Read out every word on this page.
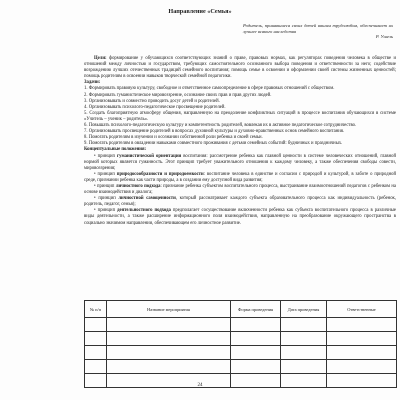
Направление «Семья»
Родитель, принявшиеся своих детей вашим трудолюбом, обеспечивает их лучшее всякого наследства
Р. Ушель

Цели: формирование у обучающихся соответствующих знаний о праве, правовых нормах, как регуляторах поведения человека в обществе и отношений между личностью и государством, требующих самостоятельного осознанного выбора поведения и ответственности за него; содействие возрождению лучших отечественных традиций семейного воспитания; помощь семье в освоении и оформлении своей системы жизненных ценностей; помощь родителям в освоении навыков творческой семейной педагогики.

Задачи:

1. Формировать правовую культуру, свободное и ответственное самоопределение в сфере правовых отношений с обществом.

2. Формировать гуманистическое мировоззрение, осознание своих прав и прав других людей.

3. Организовывать и совместно проводить досуг детей и родителей.

4. Организовывать психолого-педагогическое просвещение родителей.

5. Создать благоприятную атмосферу общения, направленную на преодоление конфликтных ситуаций в процессе воспитания обучающихся в системе «Учитель – ученик – родитель».

6. Повышать психолого-педагогическую культуру и компетентность родителей, вовлекая их в активное педагогическое сотрудничество.

7. Организовывать просвещение родителей в вопросах духовной культуры и духовно-нравственных основ семейного воспитания.

8. Помогать родителям в изучении и осознании собственной роли ребенка и своей семьи.

9. Помогать родителям в овладении навыками совместного проживания с детьми семейных событий: будничных и праздничных.

Концептуальные положения:

• принцип гуманистической ориентации воспитания: рассмотрение ребенка как главной ценности в системе человеческих отношений, главной нормой которых является гуманность. Этот принцип требует уважительного отношения к каждому человеку, а также обеспечения свободы совести, мировоззрения;

• принцип природосообразности и природоемкости: воспитание человека в единстве и согласии с природой и культурой, в заботе о природной среде, признании ребенка как части природы, а в создании ему доступной вида развития;

• принцип личностного подхода: признание ребенка субъектом воспитательного процесса, выстраивание взаимоотношений педагогов с ребенком на основе взаимодействия и диалога;

• принцип личностной самоценности, который рассматривает каждого субъекта образовательного процесса как индивидуальность (ребенок, родитель, педагог, семья);

• принцип деятельностного подхода предполагает сосуществование включенности ребенка как субъекта воспитательного процесса в различные виды деятельности, а также расширение информационного поля взаимодействия, направленную на преобразование окружающего пространства в социально значимом направлении, обеспечивающем его личностное развитие.

№ п/п	Название мероприятия	Форма проведения	Дата проведения	Ответственные

24
